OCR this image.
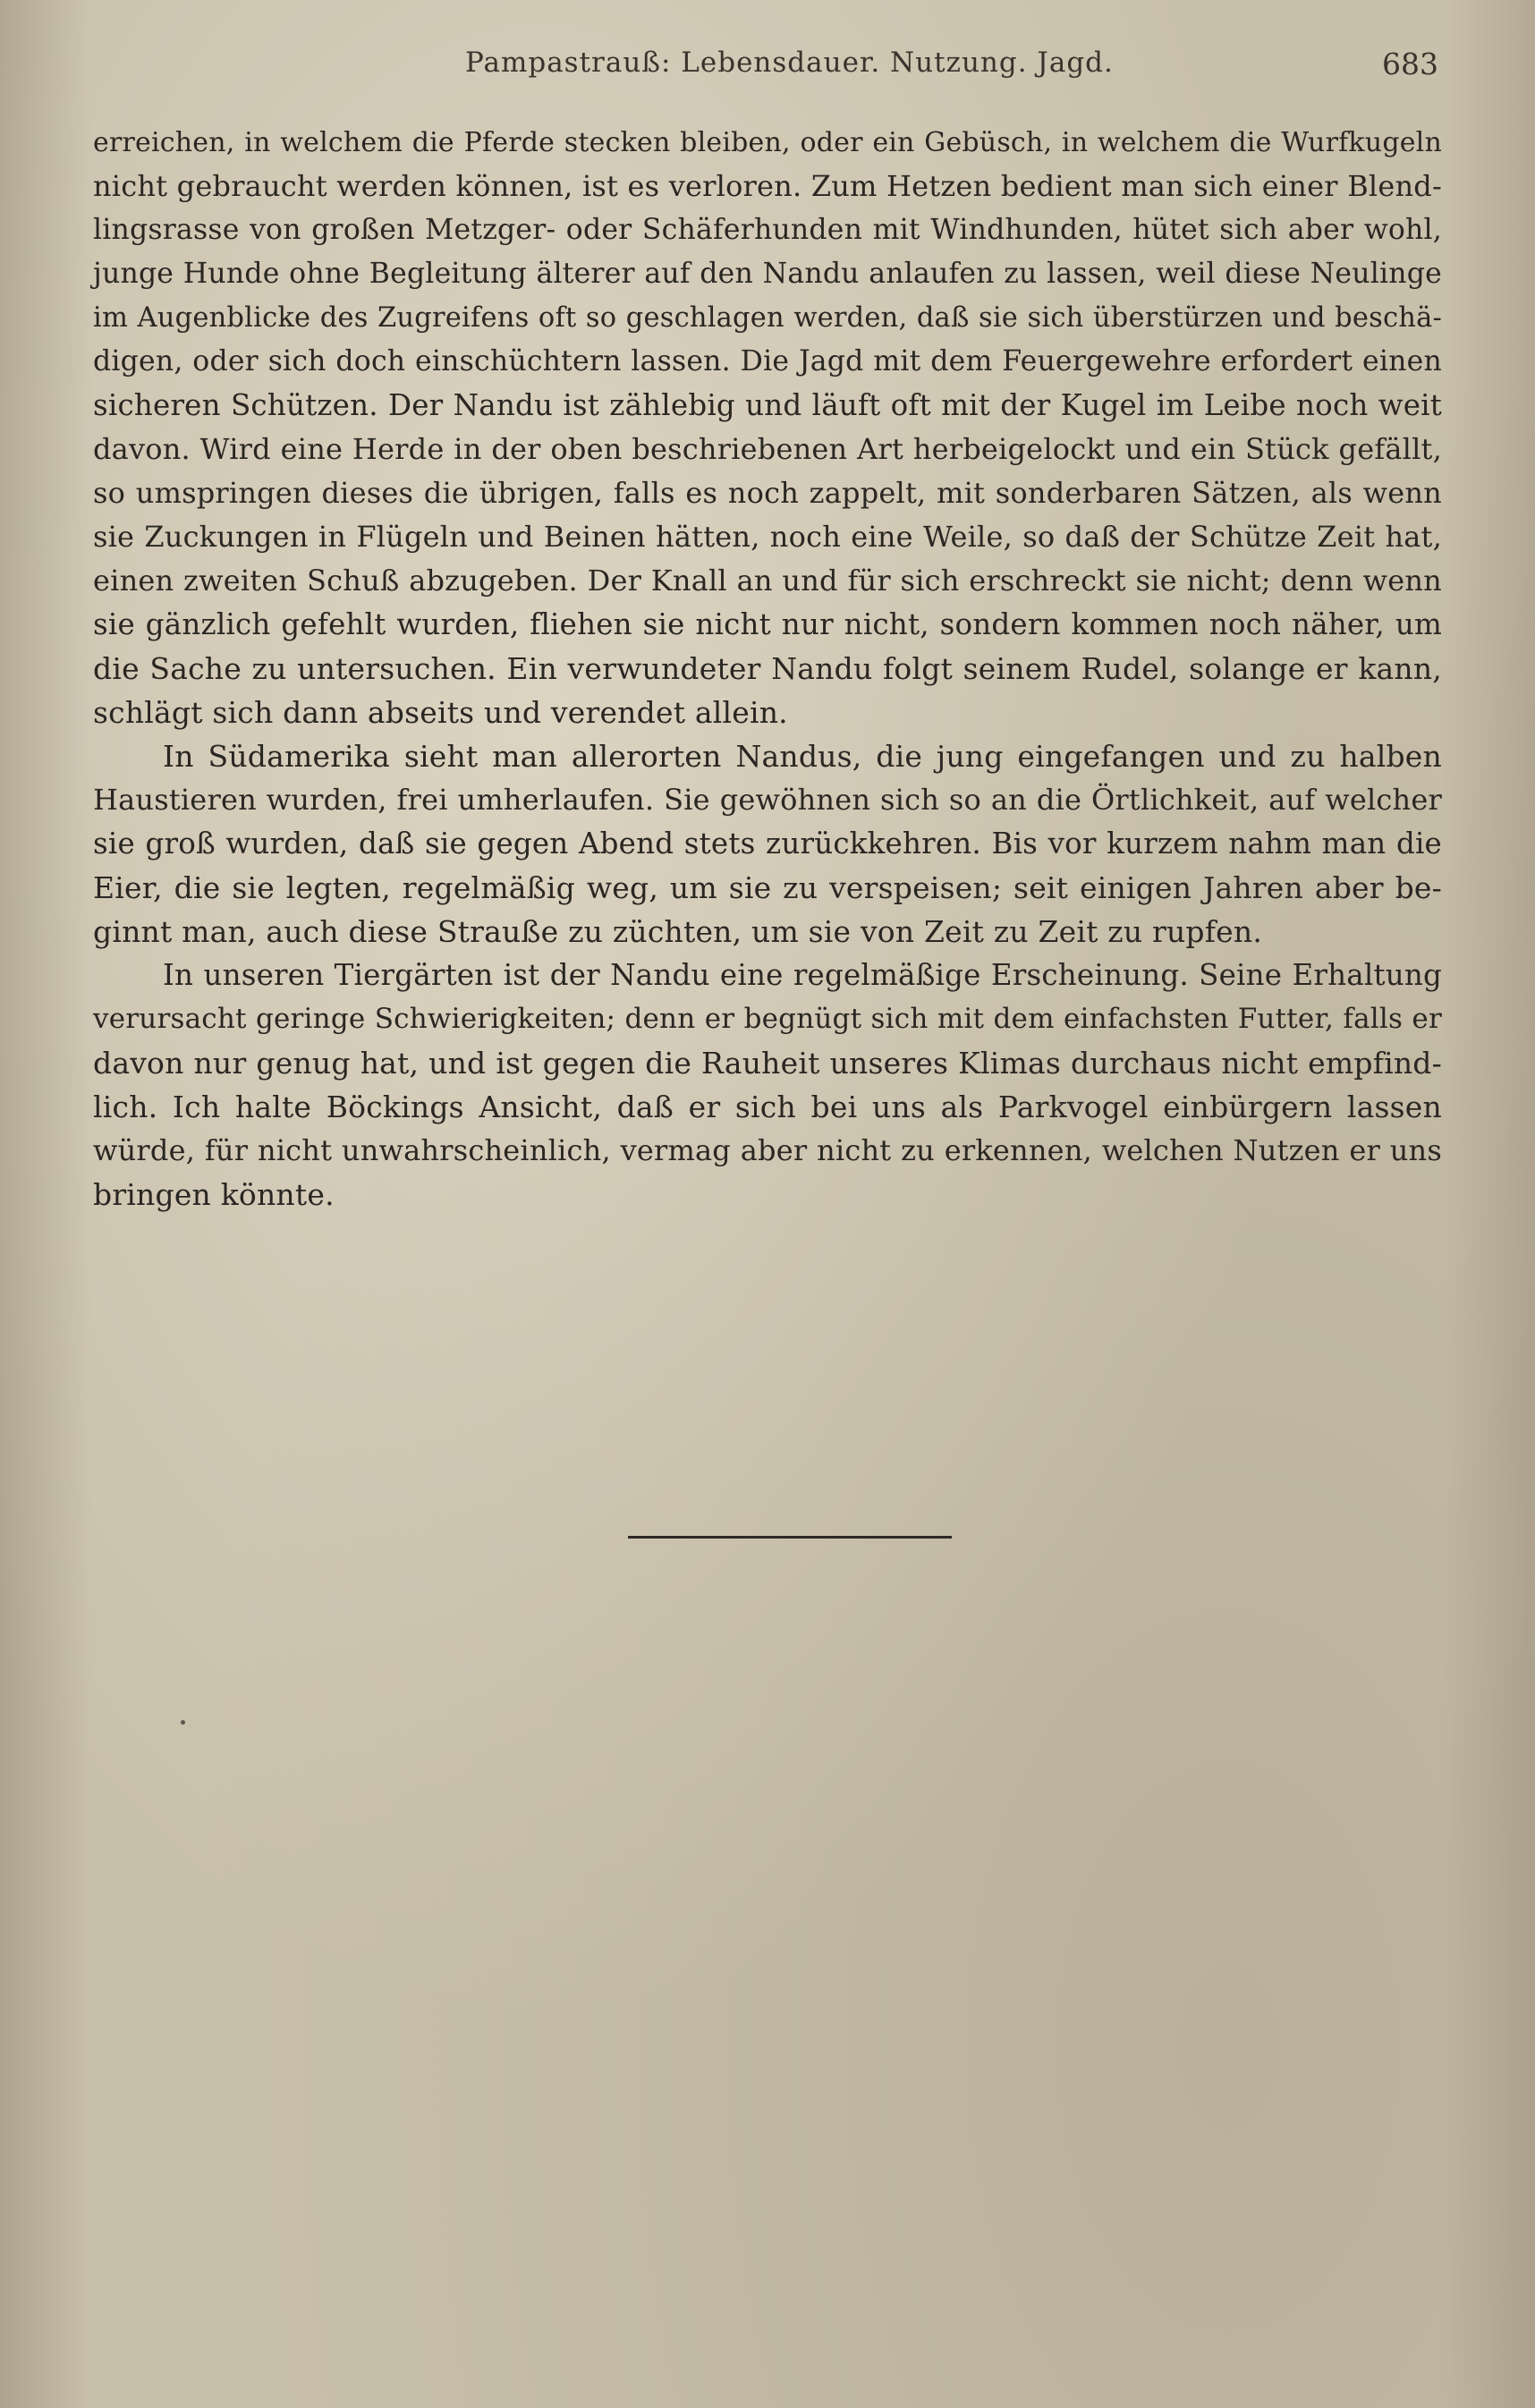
Pampastrauß: Lebensdauer. Nutzung. Jagd.	683
erreichen, in welchem die Pferde stecken bleiben, oder ein Gebüsch, in welchem die Wurfkugeln
nicht gebraucht werden können, ist es verloren. Zum Hetzen bedient man sich einer Blend-
lingsrasse von großen Metzger- oder Schäferhunden mit Windhunden, hütet sich aber wohl,
junge Hunde ohne Begleitung älterer auf den Nandu anlaufen zu lassen, weil diese Neulinge
im Augenblicke des Zugreifens oft so geschlagen werden, daß sie sich überstürzen und beschä-
digen, oder sich doch einschüchtern lassen. Die Jagd mit dem Feuergewehre erfordert einen
sicheren Schützen. Der Nandu ist zählebig und läuft oft mit der Kugel im Leibe noch weit
davon. Wird eine Herde in der oben beschriebenen Art herbeigelockt und ein Stück gefällt,
so umspringen dieses die übrigen, falls es noch zappelt, mit sonderbaren Sätzen, als wenn
sie Zuckungen in Flügeln und Beinen hätten, noch eine Weile, so daß der Schütze Zeit hat,
einen zweiten Schuß abzugeben. Der Knall an und für sich erschreckt sie nicht; denn wenn
sie gänzlich gefehlt wurden, fliehen sie nicht nur nicht, sondern kommen noch näher, um
die Sache zu untersuchen. Ein verwundeter Nandu folgt seinem Rudel, solange er kann,
schlägt sich dann abseits und verendet allein.
In Südamerika sieht man allerorten Nandus, die jung eingefangen und zu halben
Haustieren wurden, frei umherlaufen. Sie gewöhnen sich so an die Örtlichkeit, auf welcher
sie groß wurden, daß sie gegen Abend stets zurückkehren. Bis vor kurzem nahm man die
Eier, die sie legten, regelmäßig weg, um sie zu verspeisen; seit einigen Jahren aber be-
ginnt man, auch diese Strauße zu züchten, um sie von Zeit zu Zeit zu rupfen.
In unseren Tiergärten ist der Nandu eine regelmäßige Erscheinung. Seine Erhaltung
verursacht geringe Schwierigkeiten; denn er begnügt sich mit dem einfachsten Futter, falls er
davon nur genug hat, und ist gegen die Rauheit unseres Klimas durchaus nicht empfind-
lich. Ich halte Böckings Ansicht, daß er sich bei uns als Parkvogel einbürgern lassen
würde, für nicht unwahrscheinlich, vermag aber nicht zu erkennen, welchen Nutzen er uns
bringen könnte.
